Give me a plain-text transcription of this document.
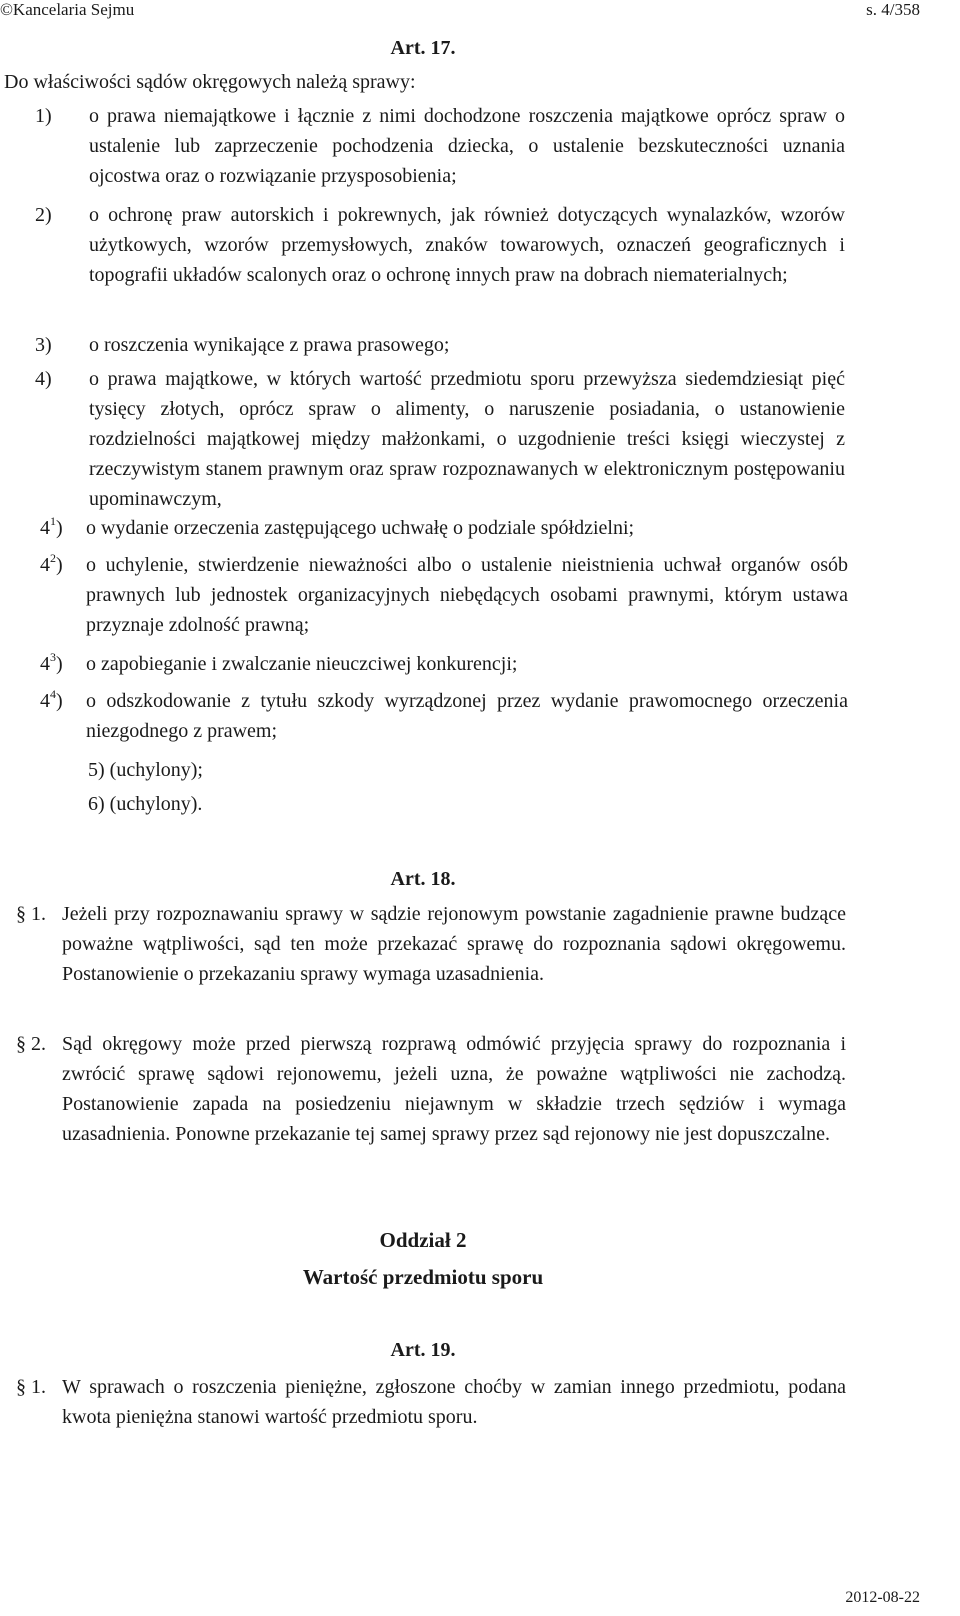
©Kancelaria Sejmu	s. 4/358
Art. 17.
Do właściwości sądów okręgowych należą sprawy:
1)	o prawa niemajątkowe i łącznie z nimi dochodzone roszczenia majątkowe oprócz spraw o ustalenie lub zaprzeczenie pochodzenia dziecka, o ustalenie bezskuteczności uznania ojcostwa oraz o rozwiązanie przysposobienia;
2)	o ochronę praw autorskich i pokrewnych, jak również dotyczących wynalazków, wzorów użytkowych, wzorów przemysłowych, znaków towarowych, oznaczeń geograficznych i topografii układów scalonych oraz o ochronę innych praw na dobrach niematerialnych;
3)	o roszczenia wynikające z prawa prasowego;
4)	o prawa majątkowe, w których wartość przedmiotu sporu przewyższa siedemdziesiąt pięć tysięcy złotych, oprócz spraw o alimenty, o naruszenie posiadania, o ustanowienie rozdzielności majątkowej między małżonkami, o uzgodnienie treści księgi wieczystej z rzeczywistym stanem prawnym oraz spraw rozpoznawanych w elektronicznym postępowaniu upominawczym,
$4^1$)	o wydanie orzeczenia zastępującego uchwałę o podziale spółdzielni;
$4^2$)	o uchylenie, stwierdzenie nieważności albo o ustalenie nieistnienia uchwał organów osób prawnych lub jednostek organizacyjnych niebędących osobami prawnymi, którym ustawa przyznaje zdolność prawną;
$4^3$)	o zapobieganie i zwalczanie nieuczciwej konkurencji;
$4^4$)	o odszkodowanie z tytułu szkody wyrządzonej przez wydanie prawomocnego orzeczenia niezgodnego z prawem;
5) (uchylony);
6) (uchylony).
Art. 18.
§ 1. Jeżeli przy rozpoznawaniu sprawy w sądzie rejonowym powstanie zagadnienie prawne budzące poważne wątpliwości, sąd ten może przekazać sprawę do rozpoznania sądowi okręgowemu. Postanowienie o przekazaniu sprawy wymaga uzasadnienia.
§ 2. Sąd okręgowy może przed pierwszą rozprawą odmówić przyjęcia sprawy do rozpoznania i zwrócić sprawę sądowi rejonowemu, jeżeli uzna, że poważne wątpliwości nie zachodzą. Postanowienie zapada na posiedzeniu niejawnym w składzie trzech sędziów i wymaga uzasadnienia. Ponowne przekazanie tej samej sprawy przez sąd rejonowy nie jest dopuszczalne.
Oddział 2
Wartość przedmiotu sporu
Art. 19.
§ 1. W sprawach o roszczenia pieniężne, zgłoszone choćby w zamian innego przedmiotu, podana kwota pieniężna stanowi wartość przedmiotu sporu.
2012-08-22
